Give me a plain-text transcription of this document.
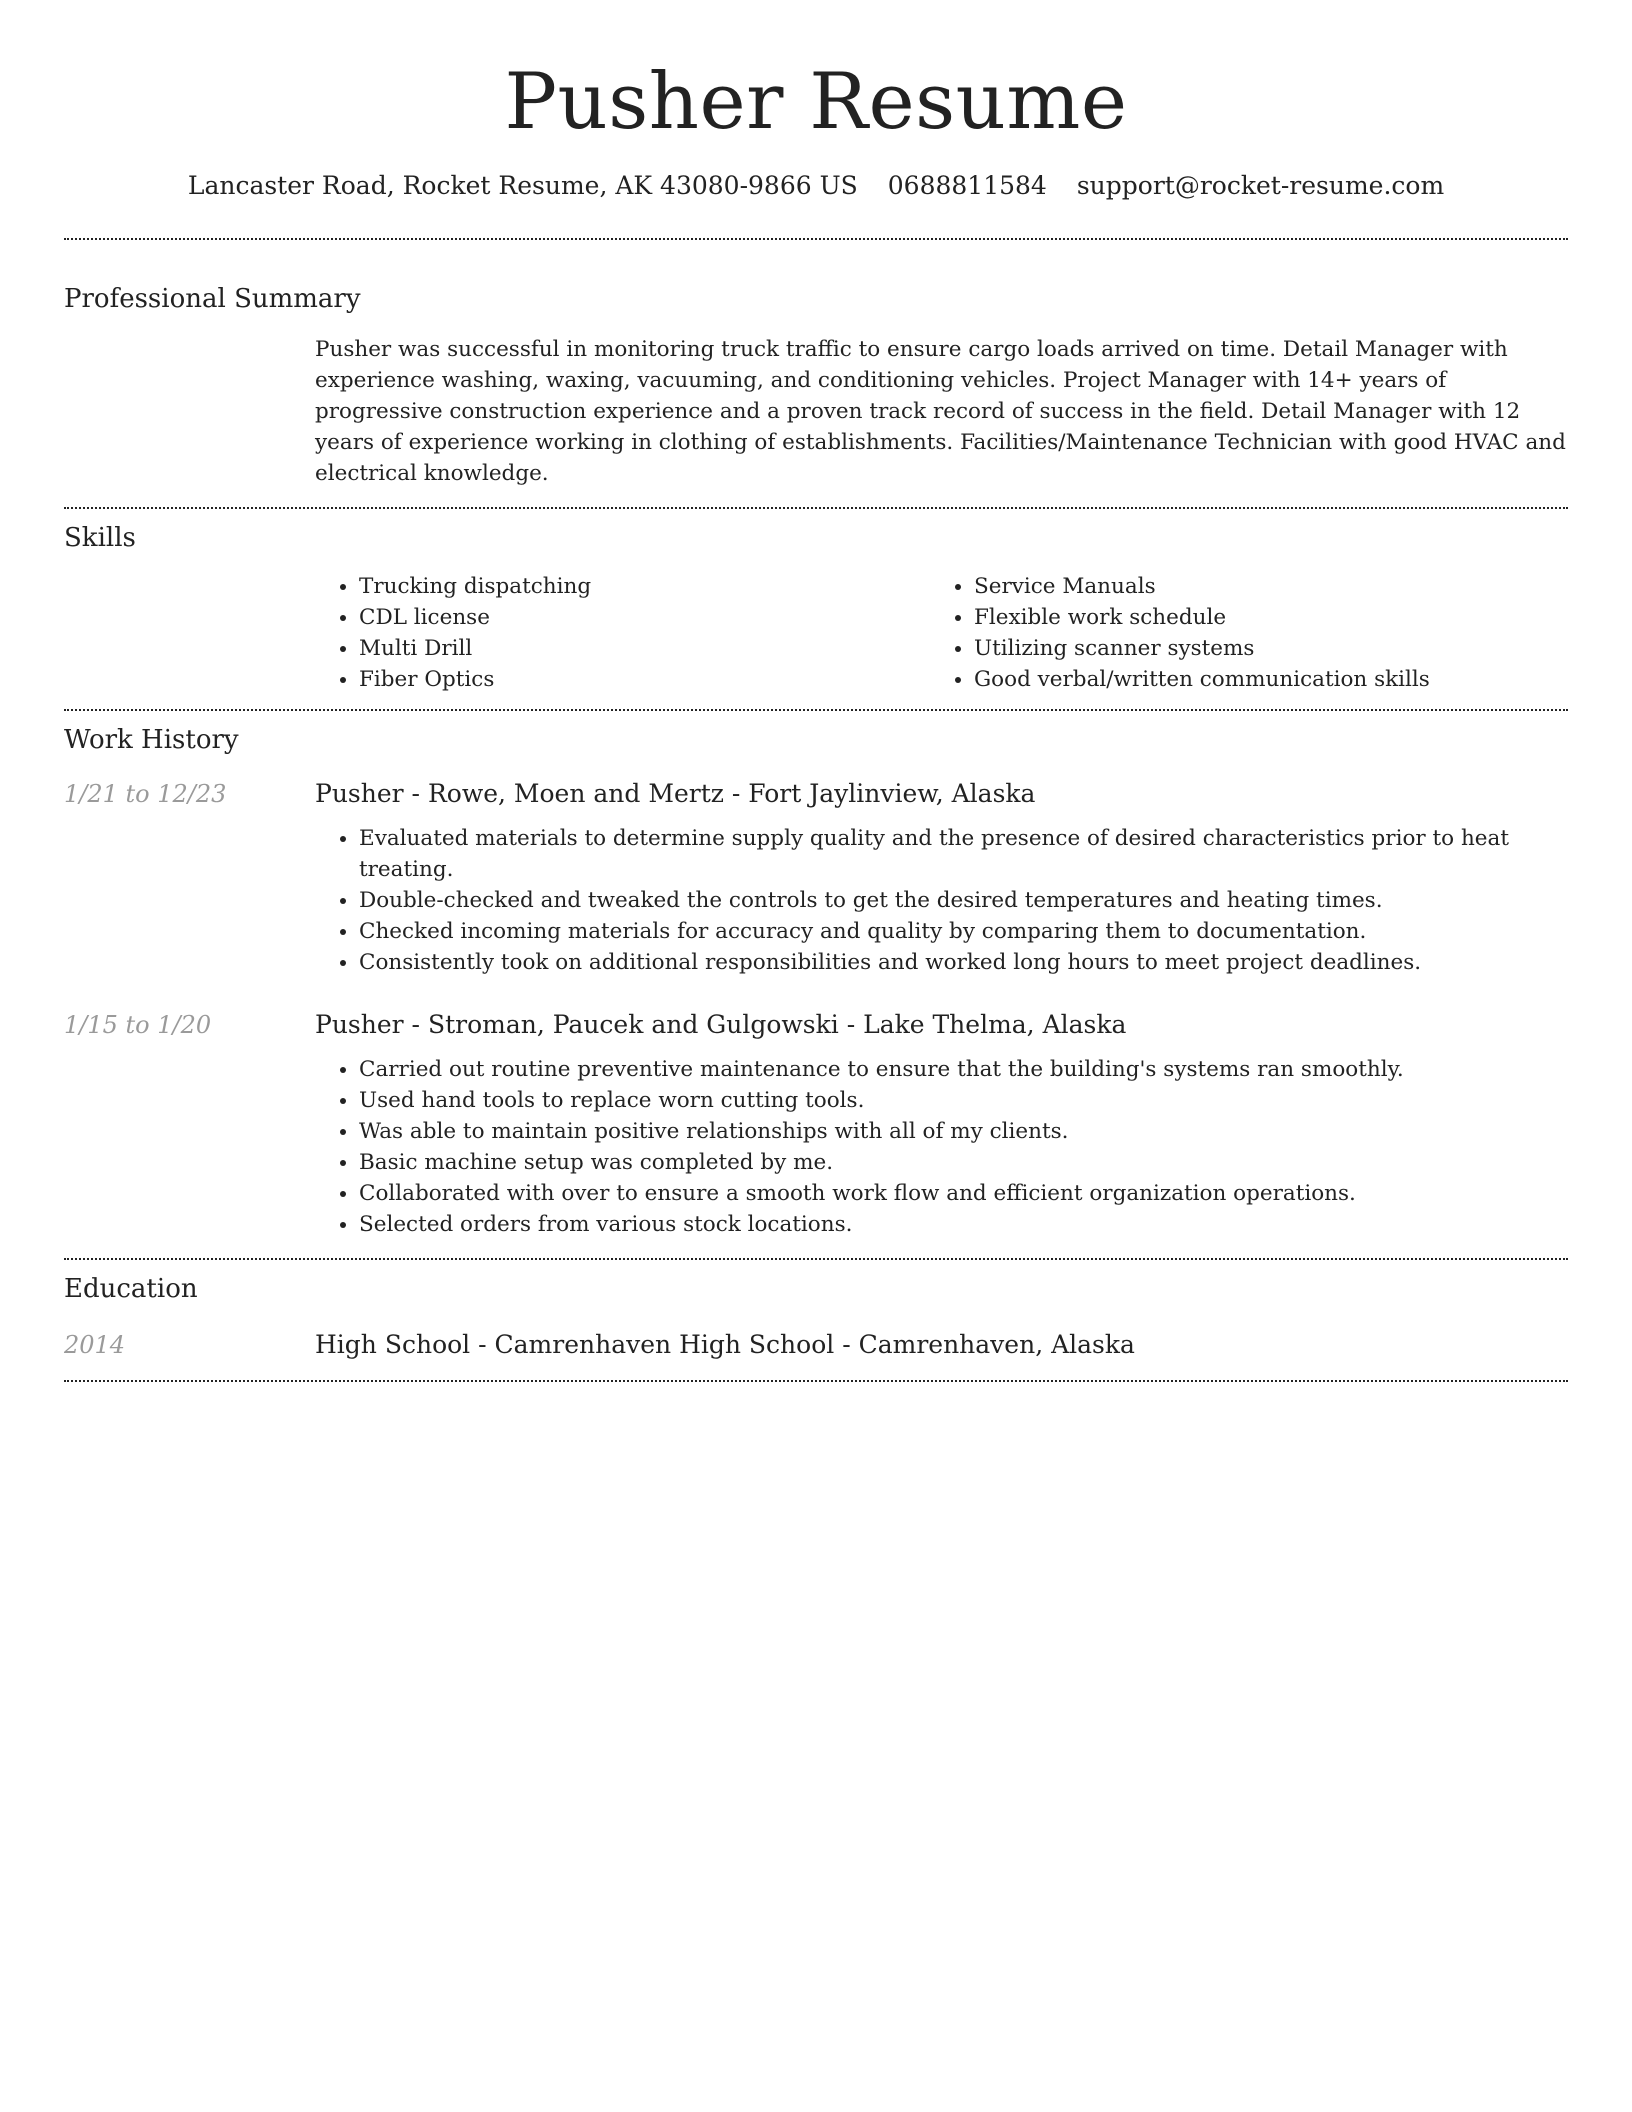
Pusher Resume
Lancaster Road, Rocket Resume, AK 43080-9866 US 0688811584 support@rocket-resume.com
Professional Summary

Pusher was successful in monitoring truck traffic to ensure cargo loads arrived on time. Detail Manager with experience washing, waxing, vacuuming, and conditioning vehicles. Project Manager with 14+ years of progressive construction experience and a proven track record of success in the field. Detail Manager with 12 years of experience working in clothing of establishments. Facilities/Maintenance Technician with good HVAC and electrical knowledge.

Skills
• Trucking dispatching
• CDL license
• Multi Drill
• Fiber Optics
• Service Manuals
• Flexible work schedule
• Utilizing scanner systems
• Good verbal/written communication skills
Work History
1/21 to 12/23	Pusher - Rowe, Moen and Mertz - Fort Jaylinview, Alaska
• Evaluated materials to determine supply quality and the presence of desired characteristics prior to heat treating.
• Double-checked and tweaked the controls to get the desired temperatures and heating times.
• Checked incoming materials for accuracy and quality by comparing them to documentation.
• Consistently took on additional responsibilities and worked long hours to meet project deadlines.
1/15 to 1/20	Pusher - Stroman, Paucek and Gulgowski - Lake Thelma, Alaska
• Carried out routine preventive maintenance to ensure that the building's systems ran smoothly.
• Used hand tools to replace worn cutting tools.
• Was able to maintain positive relationships with all of my clients.
• Basic machine setup was completed by me.
• Collaborated with over to ensure a smooth work flow and efficient organization operations.
• Selected orders from various stock locations.
Education
2014	High School - Camrenhaven High School - Camrenhaven, Alaska
